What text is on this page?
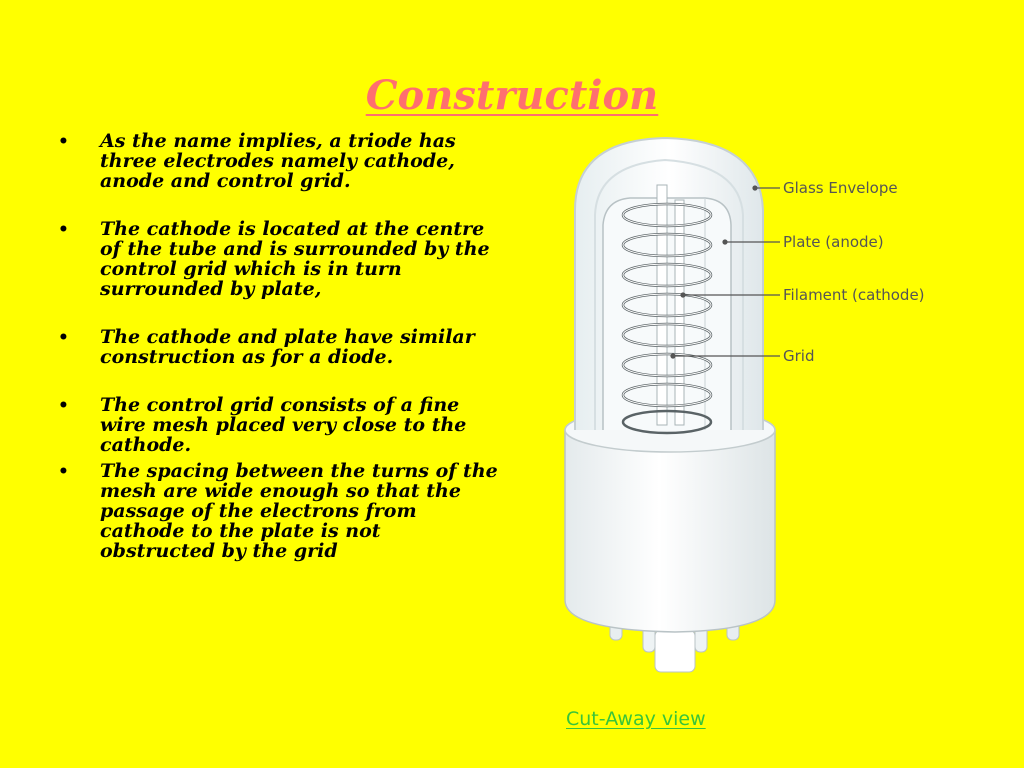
Construction
• As the name implies, a triode has three electrodes namely cathode, anode and control grid.
• The cathode is located at the centre of the tube and is surrounded by the control grid which is in turn surrounded by plate,
• The cathode and plate have similar construction as for a diode.
• The control grid consists of a fine wire mesh placed very close to the cathode.
• The spacing between the turns of the mesh are wide enough so that the passage of the electrons from cathode to the plate is not obstructed by the grid
Glass Envelope
Plate (anode)
Filament (cathode)
Grid
Cut-Away view
